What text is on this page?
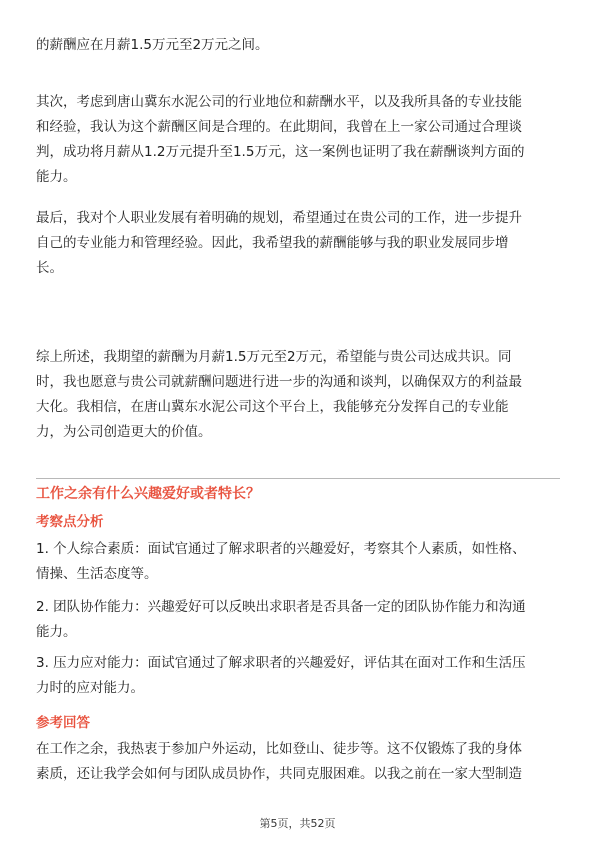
的薪酬应在月薪1.5万元至2万元之间。

其次，考虑到唐山冀东水泥公司的行业地位和薪酬水平，以及我所具备的专业技能
和经验，我认为这个薪酬区间是合理的。在此期间，我曾在上一家公司通过合理谈
判，成功将月薪从1.2万元提升至1.5万元，这一案例也证明了我在薪酬谈判方面的
能力。

最后，我对个人职业发展有着明确的规划，希望通过在贵公司的工作，进一步提升
自己的专业能力和管理经验。因此，我希望我的薪酬能够与我的职业发展同步增
长。

综上所述，我期望的薪酬为月薪1.5万元至2万元，希望能与贵公司达成共识。同
时，我也愿意与贵公司就薪酬问题进行进一步的沟通和谈判，以确保双方的利益最
大化。我相信，在唐山冀东水泥公司这个平台上，我能够充分发挥自己的专业能
力，为公司创造更大的价值。

工作之余有什么兴趣爱好或者特长？
考察点分析

1. 个人综合素质：面试官通过了解求职者的兴趣爱好，考察其个人素质，如性格、
情操、生活态度等。

2. 团队协作能力：兴趣爱好可以反映出求职者是否具备一定的团队协作能力和沟通
能力。

3. 压力应对能力：面试官通过了解求职者的兴趣爱好，评估其在面对工作和生活压
力时的应对能力。

参考回答

在工作之余，我热衷于参加户外运动，比如登山、徒步等。这不仅锻炼了我的身体
素质，还让我学会如何与团队成员协作，共同克服困难。以我之前在一家大型制造

第5页，共52页
